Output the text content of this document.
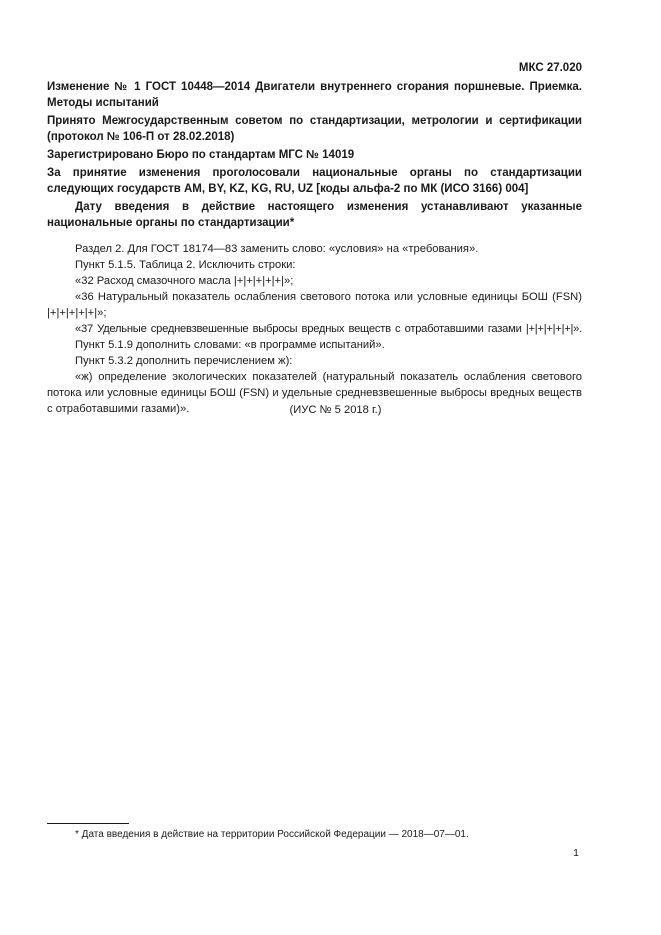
МКС 27.020
Изменение № 1 ГОСТ 10448—2014 Двигатели внутреннего сгорания поршневые. Приемка. Методы испытаний
Принято Межгосударственным советом по стандартизации, метрологии и сертификации (протокол № 106-П от 28.02.2018)
Зарегистрировано Бюро по стандартам МГС № 14019
За принятие изменения проголосовали национальные органы по стандартизации следующих государств AM, BY, KZ, KG, RU, UZ [коды альфа-2 по МК (ИСО 3166) 004]
Дату введения в действие настоящего изменения устанавливают указанные национальные органы по стандартизации*

Раздел 2. Для ГОСТ 18174—83 заменить слово: «условия» на «требования».

Пункт 5.1.5. Таблица 2. Исключить строки:

«32 Расход смазочного масла |+|+|+|+|+|»;

«36 Натуральный показатель ослабления светового потока или условные единицы БОШ (FSN) |+|+|+|+|+|»;

«37 Удельные средневзвешенные выбросы вредных веществ с отработавшими газами |+|+|+|+|+|».

Пункт 5.1.9 дополнить словами: «в программе испытаний».

Пункт 5.3.2 дополнить перечислением ж):

«ж) определение экологических показателей (натуральный показатель ослабления светового потока или условные единицы БОШ (FSN) и удельные средневзвешенные выбросы вредных веществ с отработавшими газами)».	(ИУС № 5 2018 г.)
* Дата введения в действие на территории Российской Федерации — 2018—07—01.
1
